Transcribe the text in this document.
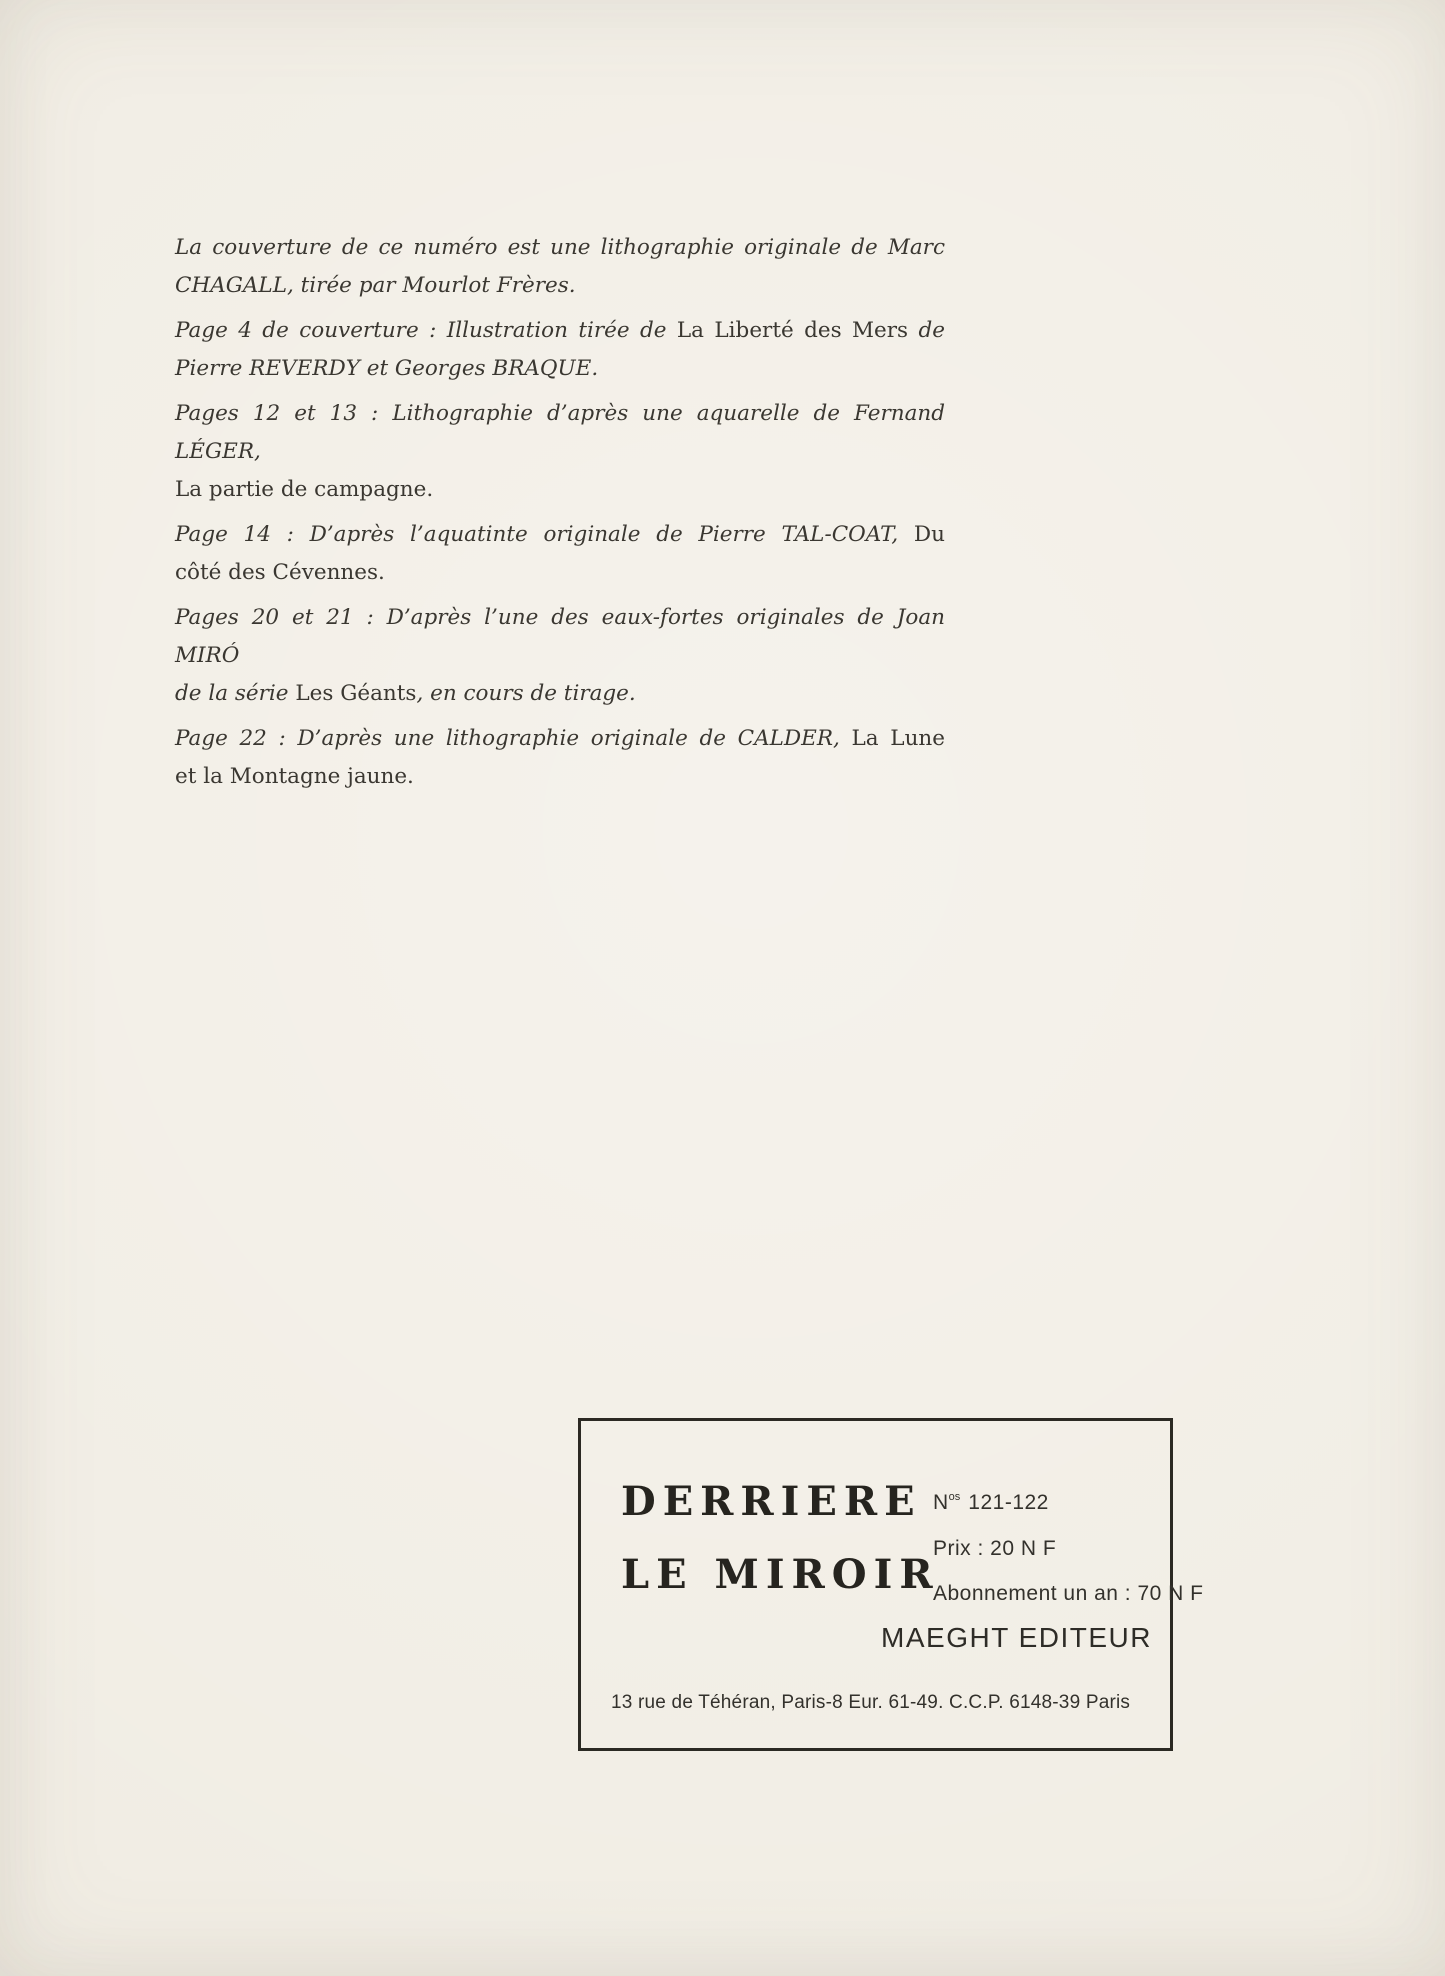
La couverture de ce numéro est une lithographie originale de Marc
CHAGALL, tirée par Mourlot Frères.
Page 4 de couverture : Illustration tirée de La Liberté des Mers de
Pierre REVERDY et Georges BRAQUE.
Pages 12 et 13 : Lithographie d’après une aquarelle de Fernand LÉGER,
La partie de campagne.
Page 14 : D’après l’aquatinte originale de Pierre TAL-COAT, Du
côté des Cévennes.
Pages 20 et 21 : D’après l’une des eaux-fortes originales de Joan MIRÓ
de la série Les Géants, en cours de tirage.
Page 22 : D’après une lithographie originale de CALDER, La Lune
et la Montagne jaune.
DERRIERE
LE MIROIR
$N^{os}$ 121-122
Prix : 20 N F
Abonnement un an : 70 N F
MAEGHT EDITEUR
13 rue de Téhéran, Paris-8 Eur. 61-49. C.C.P. 6148-39 Paris
